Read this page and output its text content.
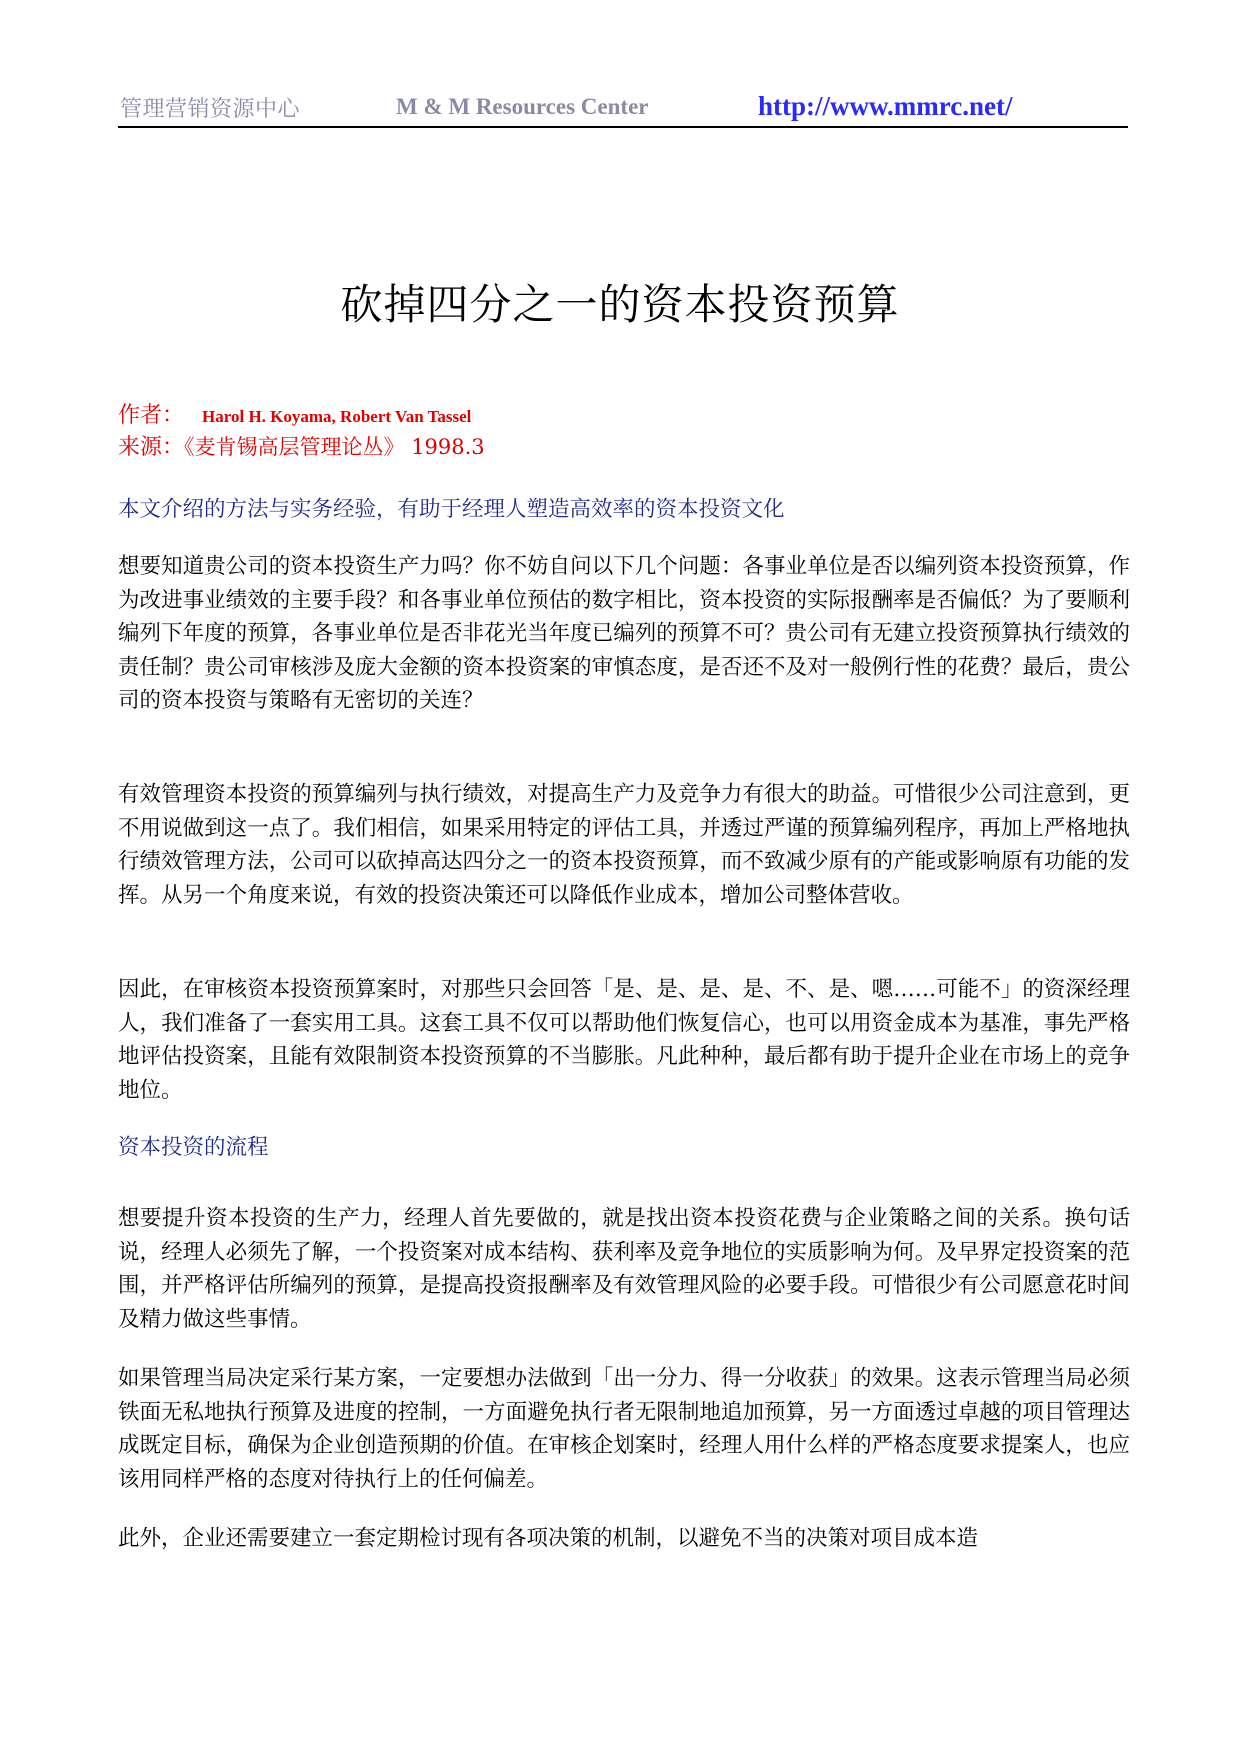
管理营销资源中心	M & M Resources Center	http://www.mmrc.net/
砍掉四分之一的资本投资预算
作者： Harol H. Koyama, Robert Van Tassel
来源：《麦肯锡高层管理论丛》 1998.3
本文介绍的方法与实务经验，有助于经理人塑造高效率的资本投资文化

想要知道贵公司的资本投资生产力吗？你不妨自问以下几个问题：各事业单位是否以编列资本投资预算，作为改进事业绩效的主要手段？和各事业单位预估的数字相比，资本投资的实际报酬率是否偏低？为了要顺利编列下年度的预算，各事业单位是否非花光当年度已编列的预算不可？贵公司有无建立投资预算执行绩效的责任制？贵公司审核涉及庞大金额的资本投资案的审慎态度，是否还不及对一般例行性的花费？最后，贵公司的资本投资与策略有无密切的关连？

有效管理资本投资的预算编列与执行绩效，对提高生产力及竞争力有很大的助益。可惜很少公司注意到，更不用说做到这一点了。我们相信，如果采用特定的评估工具，并透过严谨的预算编列程序，再加上严格地执行绩效管理方法，公司可以砍掉高达四分之一的资本投资预算，而不致减少原有的产能或影响原有功能的发挥。从另一个角度来说，有效的投资决策还可以降低作业成本，增加公司整体营收。

因此，在审核资本投资预算案时，对那些只会回答「是、是、是、是、不、是、嗯……可能不」的资深经理人，我们准备了一套实用工具。这套工具不仅可以帮助他们恢复信心，也可以用资金成本为基准，事先严格地评估投资案，且能有效限制资本投资预算的不当膨胀。凡此种种，最后都有助于提升企业在市场上的竞争地位。

资本投资的流程

想要提升资本投资的生产力，经理人首先要做的，就是找出资本投资花费与企业策略之间的关系。换句话说，经理人必须先了解，一个投资案对成本结构、获利率及竞争地位的实质影响为何。及早界定投资案的范围，并严格评估所编列的预算，是提高投资报酬率及有效管理风险的必要手段。可惜很少有公司愿意花时间及精力做这些事情。

如果管理当局决定采行某方案，一定要想办法做到「出一分力、得一分收获」的效果。这表示管理当局必须铁面无私地执行预算及进度的控制，一方面避免执行者无限制地追加预算，另一方面透过卓越的项目管理达成既定目标，确保为企业创造预期的价值。在审核企划案时，经理人用什么样的严格态度要求提案人，也应该用同样严格的态度对待执行上的任何偏差。

此外，企业还需要建立一套定期检讨现有各项决策的机制，以避免不当的决策对项目成本造
